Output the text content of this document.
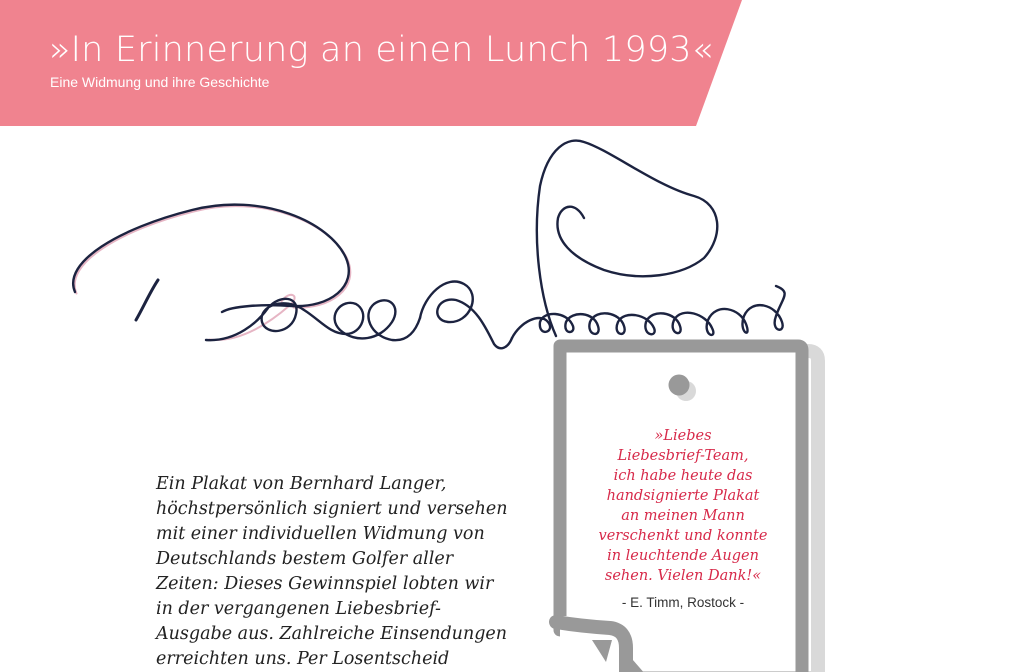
»In Erinnerung an einen Lunch 1993«

Eine Widmung und ihre Geschichte

Ein Plakat von Bernhard Langer,
höchstpersönlich signiert und versehen
mit einer individuellen Widmung von
Deutschlands bestem Golfer aller
Zeiten: Dieses Gewinnspiel lobten wir
in der vergangenen Liebesbrief-
Ausgabe aus. Zahlreiche Einsendungen
erreichten uns. Per Losentscheid
»Liebes
Liebesbrief-Team,
ich habe heute das
handsignierte Plakat
an meinen Mann
verschenkt und konnte
in leuchtende Augen
sehen. Vielen Dank!«

- E. Timm, Rostock -
